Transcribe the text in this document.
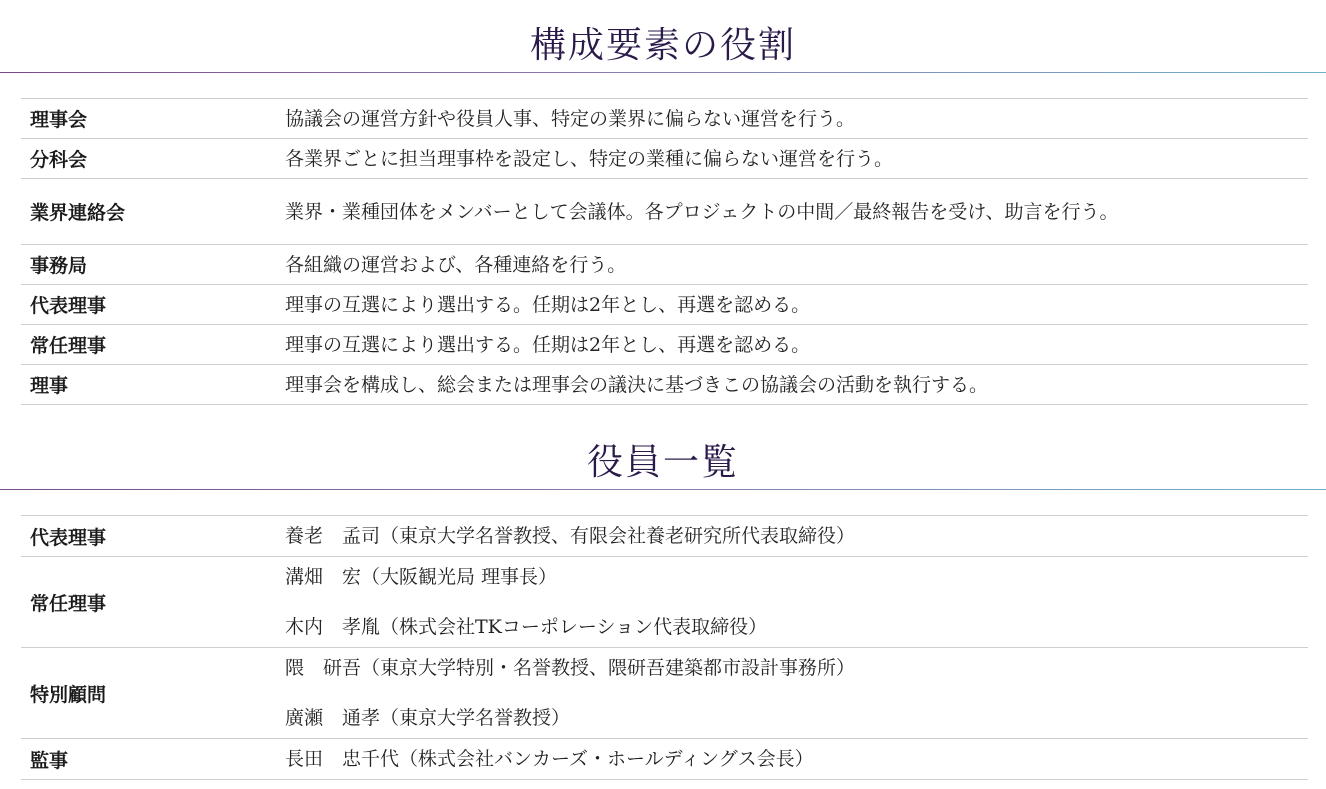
構成要素の役割
理事会	協議会の運営方針や役員人事、特定の業界に偏らない運営を行う。
分科会	各業界ごとに担当理事枠を設定し、特定の業種に偏らない運営を行う。
業界連絡会	業界・業種団体をメンバーとして会議体。各プロジェクトの中間／最終報告を受け、助言を行う。
事務局	各組織の運営および、各種連絡を行う。
代表理事	理事の互選により選出する。任期は2年とし、再選を認める。
常任理事	理事の互選により選出する。任期は2年とし、再選を認める。
理事	理事会を構成し、総会または理事会の議決に基づきこの協議会の活動を執行する。
役員一覧
代表理事	養老　孟司（東京大学名誉教授、有限会社養老研究所代表取締役）

常任理事	溝畑　宏（大阪観光局 理事長）
木内　孝胤（株式会社TKコーポレーション代表取締役）

特別顧問	隈　研吾（東京大学特別・名誉教授、隈研吾建築都市設計事務所）
廣瀬　通孝（東京大学名誉教授）

監事	長田　忠千代（株式会社バンカーズ・ホールディングス会長）
